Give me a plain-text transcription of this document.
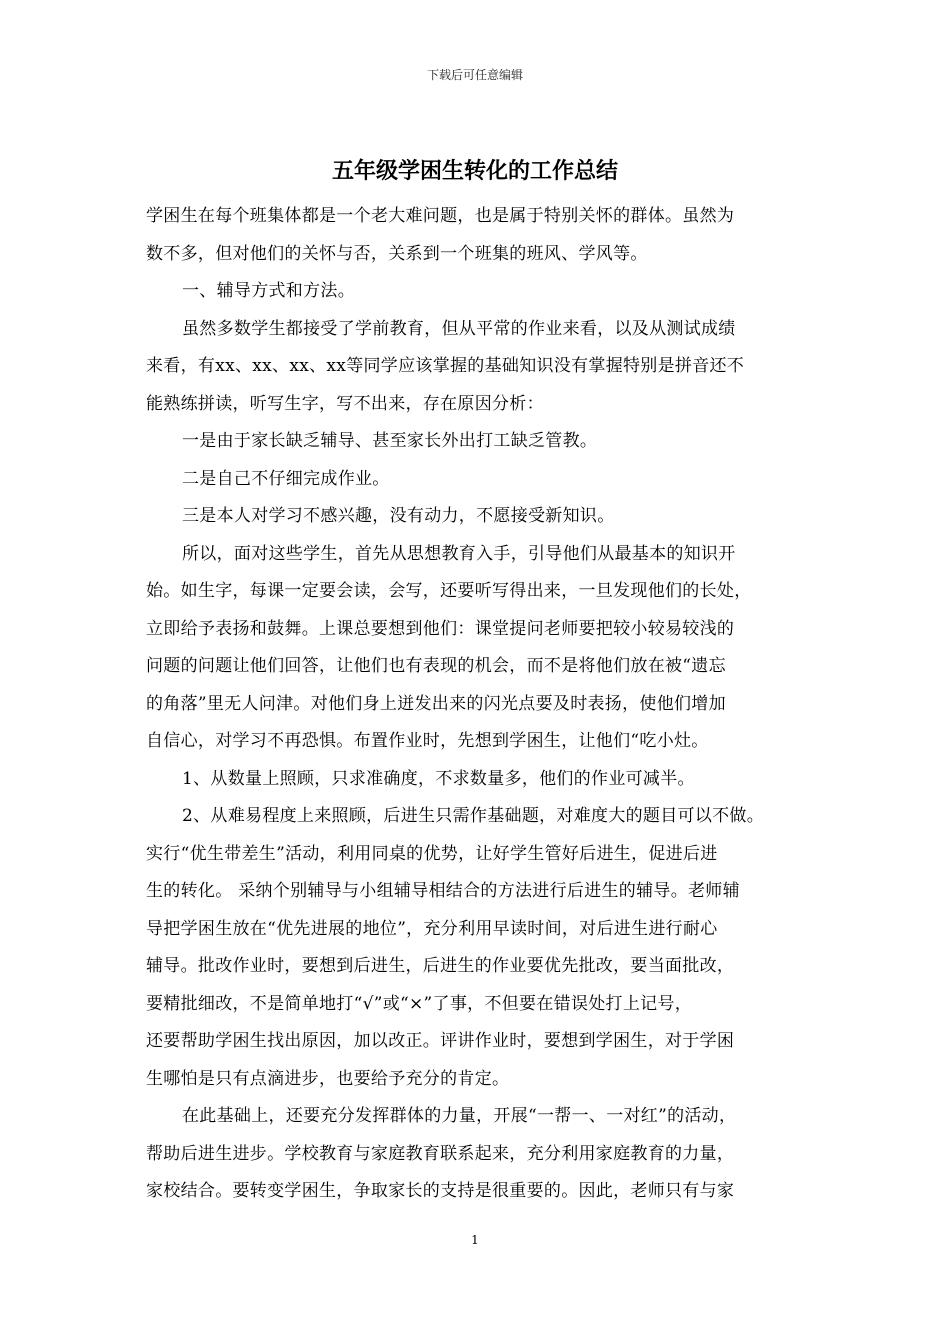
下载后可任意编辑
五年级学困生转化的工作总结
学困生在每个班集体都是一个老大难问题，也是属于特别关怀的群体。虽然为
数不多，但对他们的关怀与否，关系到一个班集的班风、学风等。
一、辅导方式和方法。
虽然多数学生都接受了学前教育，但从平常的作业来看，以及从测试成绩
来看，有xx、xx、xx、xx等同学应该掌握的基础知识没有掌握特别是拼音还不
能熟练拼读，听写生字，写不出来，存在原因分析：
一是由于家长缺乏辅导、甚至家长外出打工缺乏管教。
二是自己不仔细完成作业。
三是本人对学习不感兴趣，没有动力，不愿接受新知识。
所以，面对这些学生，首先从思想教育入手，引导他们从最基本的知识开
始。如生字，每课一定要会读，会写，还要听写得出来，一旦发现他们的长处，
立即给予表扬和鼓舞。上课总要想到他们：课堂提问老师要把较小较易较浅的
问题的问题让他们回答，让他们也有表现的机会，而不是将他们放在被“遗忘
的角落”里无人问津。对他们身上迸发出来的闪光点要及时表扬，使他们增加
自信心，对学习不再恐惧。布置作业时，先想到学困生，让他们“吃小灶。
1、从数量上照顾，只求准确度，不求数量多，他们的作业可减半。
2、从难易程度上来照顾，后进生只需作基础题，对难度大的题目可以不做。
实行“优生带差生”活动，利用同桌的优势，让好学生管好后进生，促进后进
生的转化。 采纳个别辅导与小组辅导相结合的方法进行后进生的辅导。老师辅
导把学困生放在“优先进展的地位”，充分利用早读时间，对后进生进行耐心
辅导。批改作业时，要想到后进生，后进生的作业要优先批改，要当面批改，
要精批细改，不是简单地打“√”或“×”了事，不但要在错误处打上记号，
还要帮助学困生找出原因，加以改正。评讲作业时，要想到学困生，对于学困
生哪怕是只有点滴进步，也要给予充分的肯定。
在此基础上，还要充分发挥群体的力量，开展“一帮一、一对红”的活动，
帮助后进生进步。学校教育与家庭教育联系起来，充分利用家庭教育的力量，
家校结合。要转变学困生，争取家长的支持是很重要的。因此，老师只有与家
1
